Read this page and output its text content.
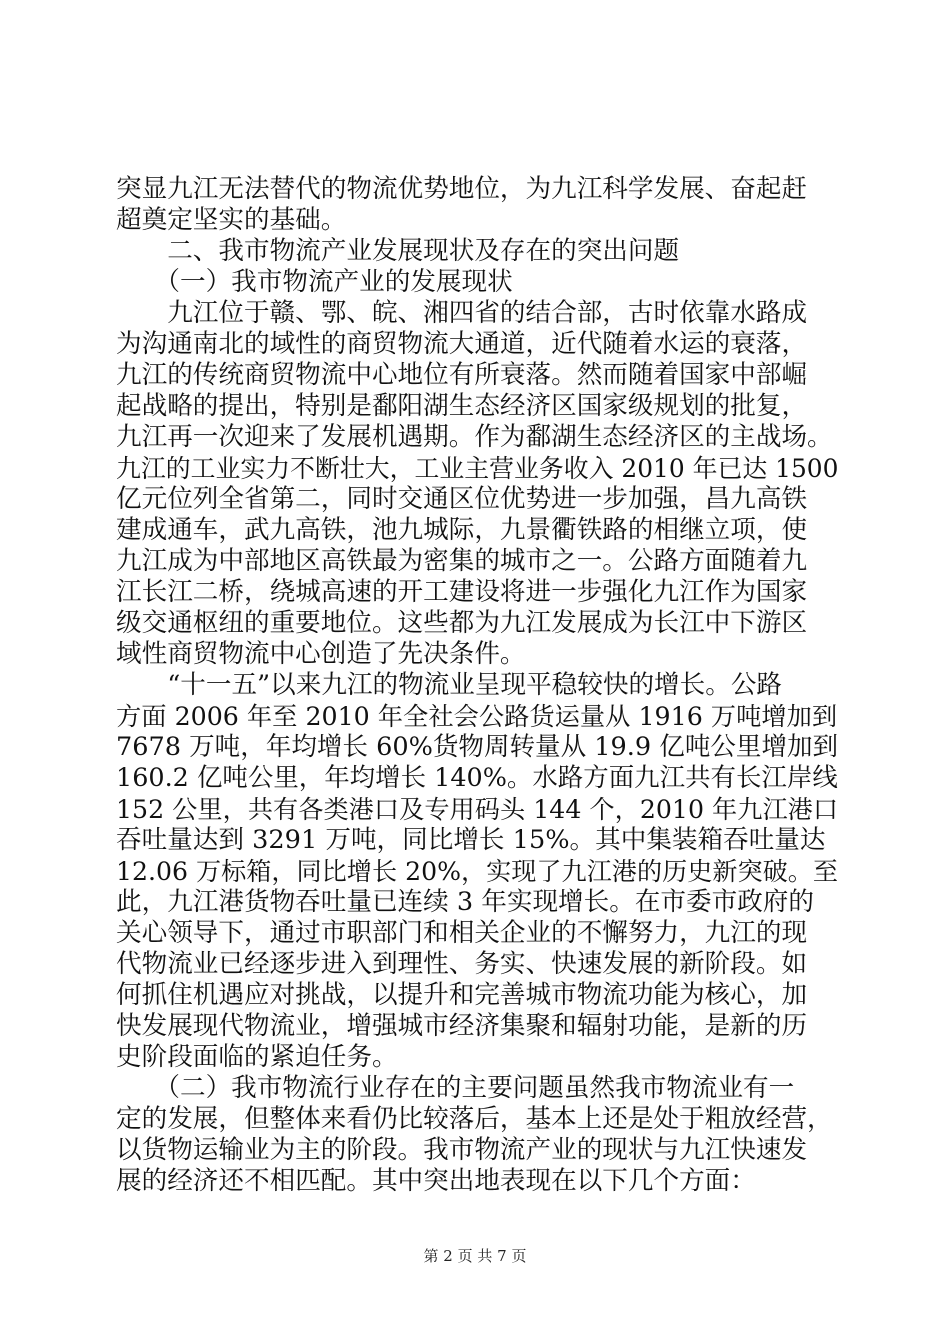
突显九江无法替代的物流优势地位，为九江科学发展、奋起赶
超奠定坚实的基础。
　　二、我市物流产业发展现状及存在的突出问题
　　（一）我市物流产业的发展现状
　　九江位于赣、鄂、皖、湘四省的结合部，古时依靠水路成
为沟通南北的域性的商贸物流大通道，近代随着水运的衰落，
九江的传统商贸物流中心地位有所衰落。然而随着国家中部崛
起战略的提出，特别是鄱阳湖生态经济区国家级规划的批复，
九江再一次迎来了发展机遇期。作为鄱湖生态经济区的主战场。
九江的工业实力不断壮大，工业主营业务收入 2010 年已达 1500
亿元位列全省第二，同时交通区位优势进一步加强，昌九高铁
建成通车，武九高铁，池九城际，九景衢铁路的相继立项，使
九江成为中部地区高铁最为密集的城市之一。公路方面随着九
江长江二桥，绕城高速的开工建设将进一步强化九江作为国家
级交通枢纽的重要地位。这些都为九江发展成为长江中下游区
域性商贸物流中心创造了先决条件。
　　“十一五”以来九江的物流业呈现平稳较快的增长。公路
方面 2006 年至 2010 年全社会公路货运量从 1916 万吨增加到
7678 万吨，年均增长 60%货物周转量从 19.9 亿吨公里增加到
160.2 亿吨公里，年均增长 140%。水路方面九江共有长江岸线
152 公里，共有各类港口及专用码头 144 个，2010 年九江港口
吞吐量达到 3291 万吨，同比增长 15%。其中集装箱吞吐量达
12.06 万标箱，同比增长 20%，实现了九江港的历史新突破。至
此，九江港货物吞吐量已连续 3 年实现增长。在市委市政府的
关心领导下，通过市职部门和相关企业的不懈努力，九江的现
代物流业已经逐步进入到理性、务实、快速发展的新阶段。如
何抓住机遇应对挑战，以提升和完善城市物流功能为核心，加
快发展现代物流业，增强城市经济集聚和辐射功能，是新的历
史阶段面临的紧迫任务。
　　（二）我市物流行业存在的主要问题虽然我市物流业有一
定的发展，但整体来看仍比较落后，基本上还是处于粗放经营，
以货物运输业为主的阶段。我市物流产业的现状与九江快速发
展的经济还不相匹配。其中突出地表现在以下几个方面：
第 2 页 共 7 页
